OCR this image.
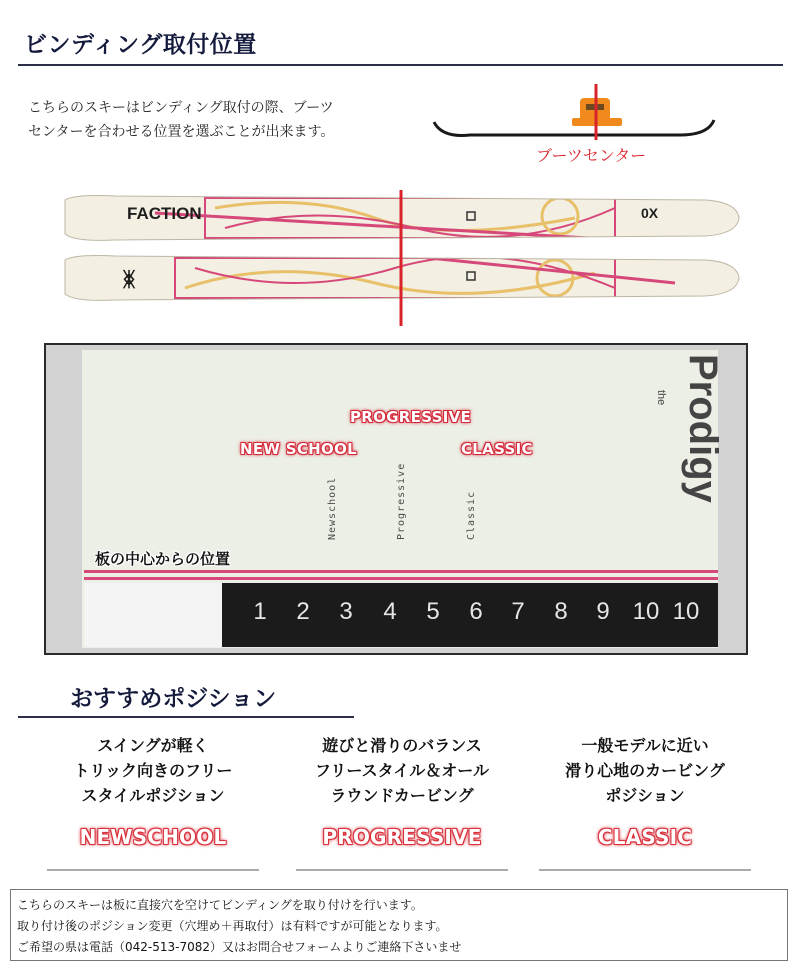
ビンディング取付位置
こちらのスキーはビンディング取付の際、ブーツ
センターを合わせる位置を選ぶことが出来ます。
ブーツセンター
FACTION	0X
ᛤ
Prodigy
the
PROGRESSIVE
NEW SCHOOL	CLASSIC
Newschool	Progressive	Classic
板の中心からの位置
1	2	3	4	5	6	7	8	9 10 10
おすすめポジション
スイングが軽く
トリック向きのフリー
スタイルポジション
NEWSCHOOL
遊びと滑りのバランス
フリースタイル＆オール
ラウンドカービング
PROGRESSIVE
一般モデルに近い
滑り心地のカービング
ポジション
CLASSIC
こちらのスキーは板に直接穴を空けてビンディングを取り付けを行います。
取り付け後のポジション変更（穴埋め＋再取付）は有料ですが可能となります。
ご希望の県は電話（042-513-7082）又はお問合せフォームよりご連絡下さいませ
